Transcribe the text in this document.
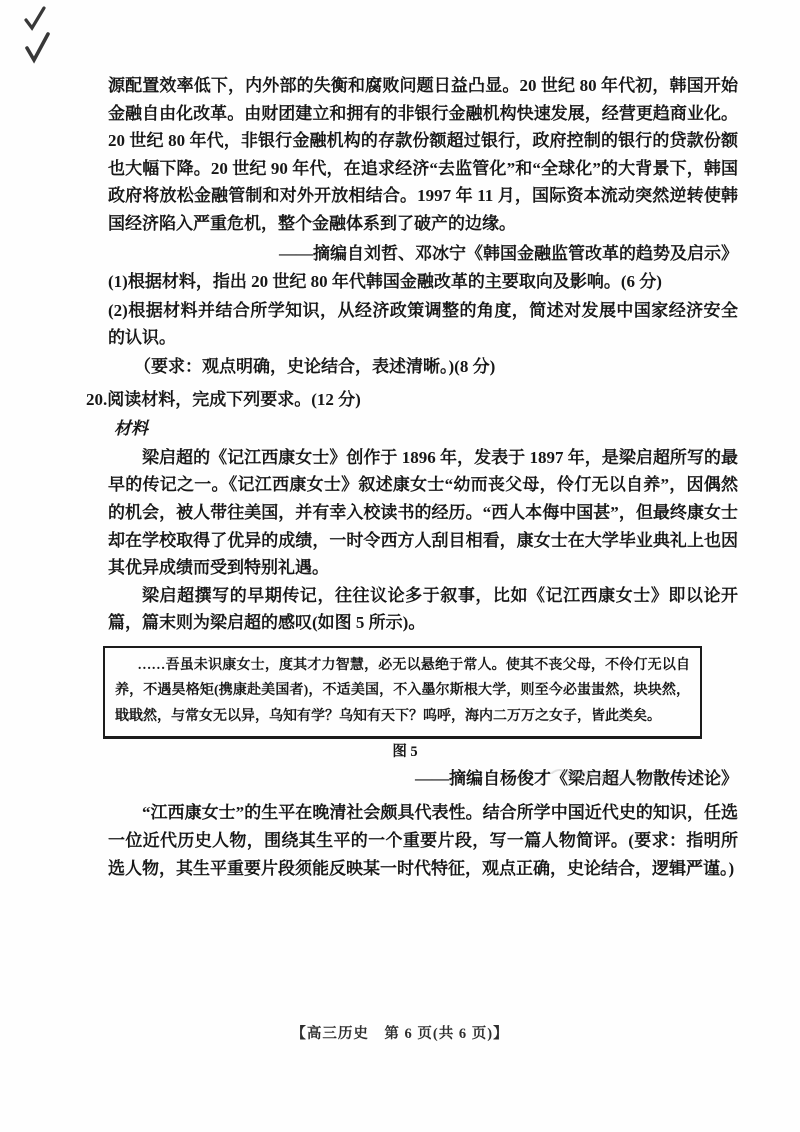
源配置效率低下，内外部的失衡和腐败问题日益凸显。20 世纪 80 年代初，韩国开始金融自由化改革。由财团建立和拥有的非银行金融机构快速发展，经营更趋商业化。20 世纪 80 年代，非银行金融机构的存款份额超过银行，政府控制的银行的贷款份额也大幅下降。20 世纪 90 年代，在追求经济“去监管化”和“全球化”的大背景下，韩国政府将放松金融管制和对外开放相结合。1997 年 11 月，国际资本流动突然逆转使韩国经济陷入严重危机，整个金融体系到了破产的边缘。

——摘编自刘哲、邓冰宁《韩国金融监管改革的趋势及启示》
(1)根据材料，指出 20 世纪 80 年代韩国金融改革的主要取向及影响。(6 分)
(2)根据材料并结合所学知识，从经济政策调整的角度，简述对发展中国家经济安全的认识。
（要求：观点明确，史论结合，表述清晰。)(8 分)
20.阅读材料，完成下列要求。(12 分)
材料

梁启超的《记江西康女士》创作于 1896 年，发表于 1897 年，是梁启超所写的最早的传记之一。《记江西康女士》叙述康女士“幼而丧父母，伶仃无以自养”，因偶然的机会，被人带往美国，并有幸入校读书的经历。“西人本侮中国甚”，但最终康女士却在学校取得了优异的成绩，一时令西方人刮目相看，康女士在大学毕业典礼上也因其优异成绩而受到特别礼遇。

梁启超撰写的早期传记，往往议论多于叙事，比如《记江西康女士》即以论开篇，篇末则为梁启超的感叹(如图 5 所示)。

……吾虽未识康女士，度其才力智慧，必无以悬绝于常人。使其不丧父母，不伶仃无以自养，不遇昊格矩(携康赴美国者)，不适美国，不入墨尔斯根大学，则至今必蚩蚩然，块块然，戢戢然，与常女无以异，乌知有学？乌知有天下？呜呼，海内二万万之女子，皆此类矣。

图 5
——摘编自杨俊才《梁启超人物散传述论》

“江西康女士”的生平在晚清社会颇具代表性。结合所学中国近代史的知识，任选一位近代历史人物，围绕其生平的一个重要片段，写一篇人物简评。(要求：指明所选人物，其生平重要片段须能反映某一时代特征，观点正确，史论结合，逻辑严谨。)

【高三历史　第 6 页(共 6 页)】
